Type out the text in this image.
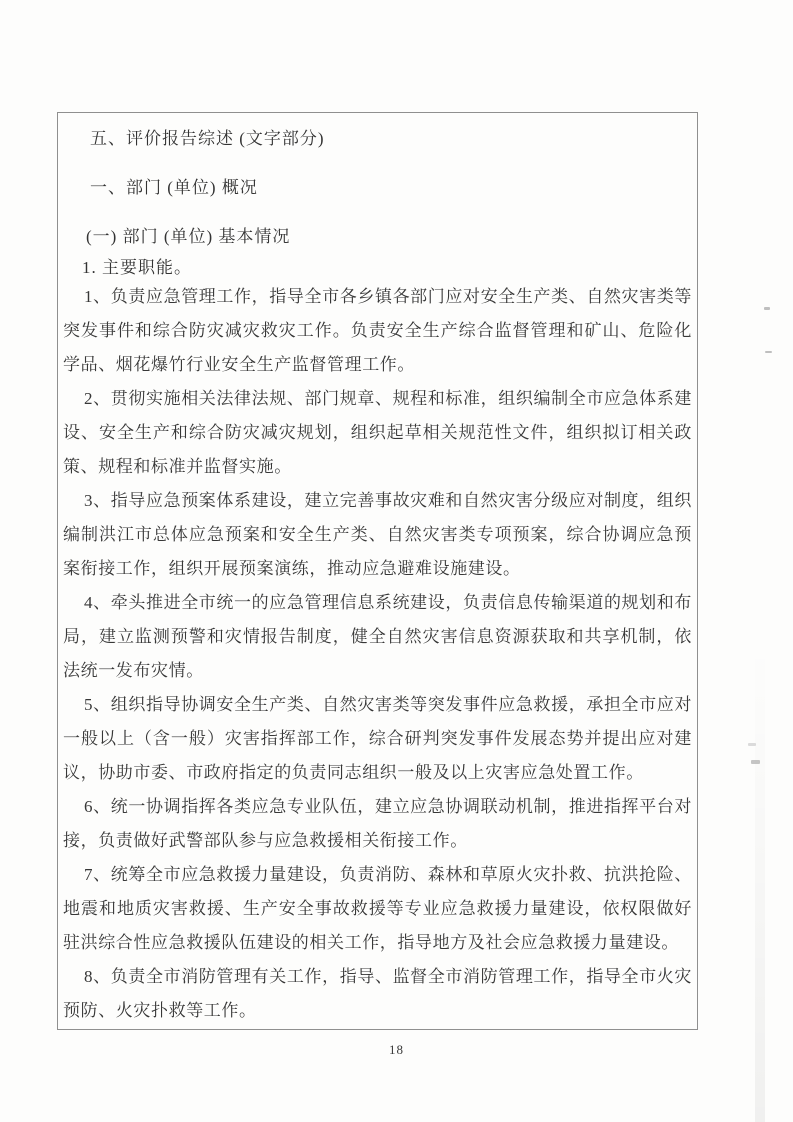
五、评价报告综述 (文字部分)
一、部门 (单位) 概况
(一) 部门 (单位) 基本情况
1. 主要职能。

1、负责应急管理工作，指导全市各乡镇各部门应对安全生产类、自然灾害类等突发事件和综合防灾减灾救灾工作。负责安全生产综合监督管理和矿山、危险化学品、烟花爆竹行业安全生产监督管理工作。

2、贯彻实施相关法律法规、部门规章、规程和标准，组织编制全市应急体系建设、安全生产和综合防灾减灾规划，组织起草相关规范性文件，组织拟订相关政策、规程和标准并监督实施。

3、指导应急预案体系建设，建立完善事故灾难和自然灾害分级应对制度，组织编制洪江市总体应急预案和安全生产类、自然灾害类专项预案，综合协调应急预案衔接工作，组织开展预案演练，推动应急避难设施建设。

4、牵头推进全市统一的应急管理信息系统建设，负责信息传输渠道的规划和布局，建立监测预警和灾情报告制度，健全自然灾害信息资源获取和共享机制，依法统一发布灾情。

5、组织指导协调安全生产类、自然灾害类等突发事件应急救援，承担全市应对一般以上（含一般）灾害指挥部工作，综合研判突发事件发展态势并提出应对建议，协助市委、市政府指定的负责同志组织一般及以上灾害应急处置工作。

6、统一协调指挥各类应急专业队伍，建立应急协调联动机制，推进指挥平台对接，负责做好武警部队参与应急救援相关衔接工作。

7、统筹全市应急救援力量建设，负责消防、森林和草原火灾扑救、抗洪抢险、地震和地质灾害救援、生产安全事故救援等专业应急救援力量建设，依权限做好驻洪综合性应急救援队伍建设的相关工作，指导地方及社会应急救援力量建设。

8、负责全市消防管理有关工作，指导、监督全市消防管理工作，指导全市火灾预防、火灾扑救等工作。

18
